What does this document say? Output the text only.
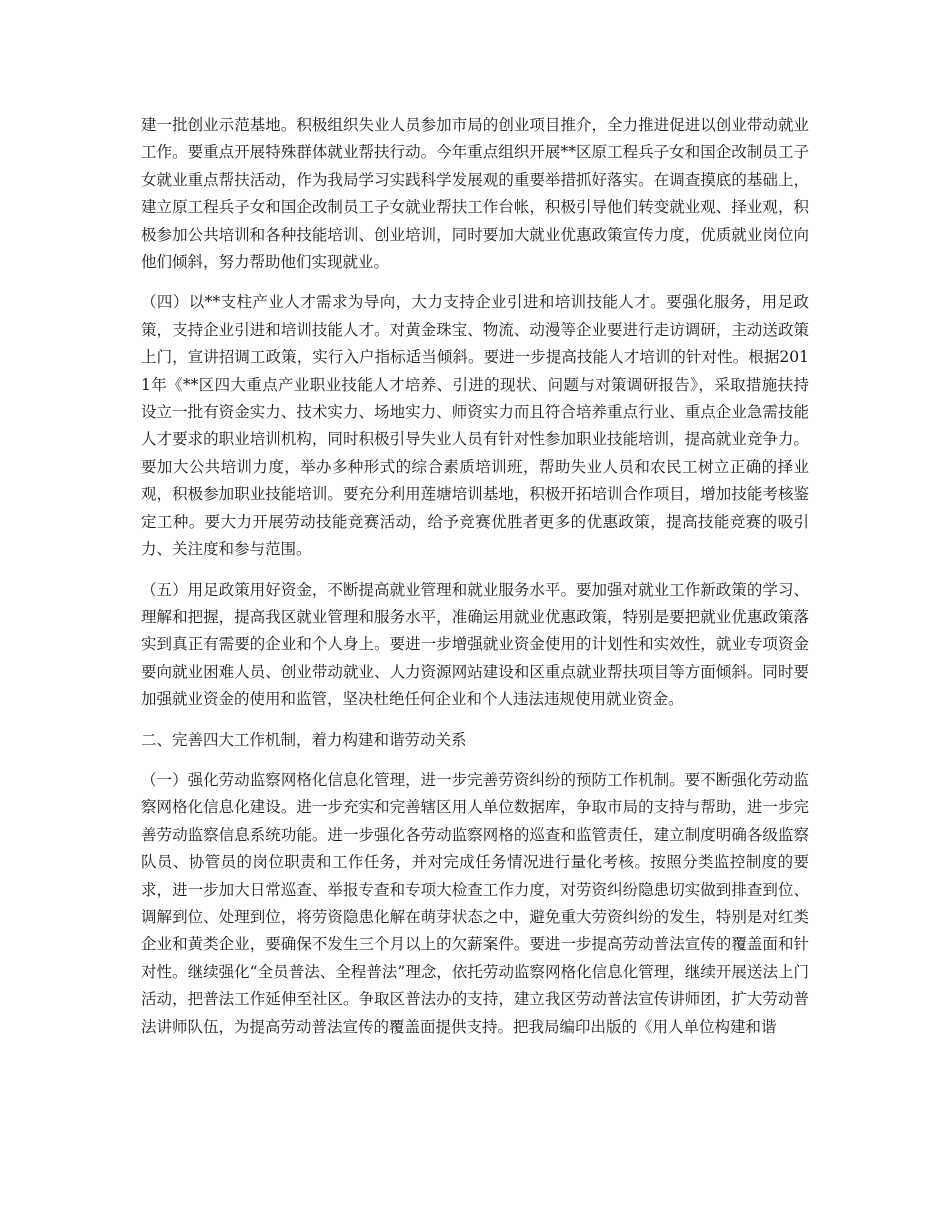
建一批创业示范基地。积极组织失业人员参加市局的创业项目推介，全力推进促进以创业带动就业工作。要重点开展特殊群体就业帮扶行动。今年重点组织开展**区原工程兵子女和国企改制员工子女就业重点帮扶活动，作为我局学习实践科学发展观的重要举措抓好落实。在调查摸底的基础上，建立原工程兵子女和国企改制员工子女就业帮扶工作台帐，积极引导他们转变就业观、择业观，积极参加公共培训和各种技能培训、创业培训，同时要加大就业优惠政策宣传力度，优质就业岗位向他们倾斜，努力帮助他们实现就业。

（四）以**支柱产业人才需求为导向，大力支持企业引进和培训技能人才。要强化服务，用足政策，支持企业引进和培训技能人才。对黄金珠宝、物流、动漫等企业要进行走访调研，主动送政策上门，宣讲招调工政策，实行入户指标适当倾斜。要进一步提高技能人才培训的针对性。根据2011年《**区四大重点产业职业技能人才培养、引进的现状、问题与对策调研报告》，采取措施扶持设立一批有资金实力、技术实力、场地实力、师资实力而且符合培养重点行业、重点企业急需技能人才要求的职业培训机构，同时积极引导失业人员有针对性参加职业技能培训，提高就业竞争力。要加大公共培训力度，举办多种形式的综合素质培训班，帮助失业人员和农民工树立正确的择业观，积极参加职业技能培训。要充分利用莲塘培训基地，积极开拓培训合作项目，增加技能考核鉴定工种。要大力开展劳动技能竞赛活动，给予竞赛优胜者更多的优惠政策，提高技能竞赛的吸引力、关注度和参与范围。

（五）用足政策用好资金，不断提高就业管理和就业服务水平。要加强对就业工作新政策的学习、理解和把握，提高我区就业管理和服务水平，准确运用就业优惠政策，特别是要把就业优惠政策落实到真正有需要的企业和个人身上。要进一步增强就业资金使用的计划性和实效性，就业专项资金要向就业困难人员、创业带动就业、人力资源网站建设和区重点就业帮扶项目等方面倾斜。同时要加强就业资金的使用和监管，坚决杜绝任何企业和个人违法违规使用就业资金。

二、完善四大工作机制，着力构建和谐劳动关系

（一）强化劳动监察网格化信息化管理，进一步完善劳资纠纷的预防工作机制。要不断强化劳动监察网格化信息化建设。进一步充实和完善辖区用人单位数据库，争取市局的支持与帮助，进一步完善劳动监察信息系统功能。进一步强化各劳动监察网格的巡查和监管责任，建立制度明确各级监察队员、协管员的岗位职责和工作任务，并对完成任务情况进行量化考核。按照分类监控制度的要求，进一步加大日常巡查、举报专查和专项大检查工作力度，对劳资纠纷隐患切实做到排查到位、调解到位、处理到位，将劳资隐患化解在萌芽状态之中，避免重大劳资纠纷的发生，特别是对红类企业和黄类企业，要确保不发生三个月以上的欠薪案件。要进一步提高劳动普法宣传的覆盖面和针对性。继续强化“全员普法、全程普法”理念，依托劳动监察网格化信息化管理，继续开展送法上门活动，把普法工作延伸至社区。争取区普法办的支持，建立我区劳动普法宣传讲师团，扩大劳动普法讲师队伍，为提高劳动普法宣传的覆盖面提供支持。把我局编印出版的《用人单位构建和谐
